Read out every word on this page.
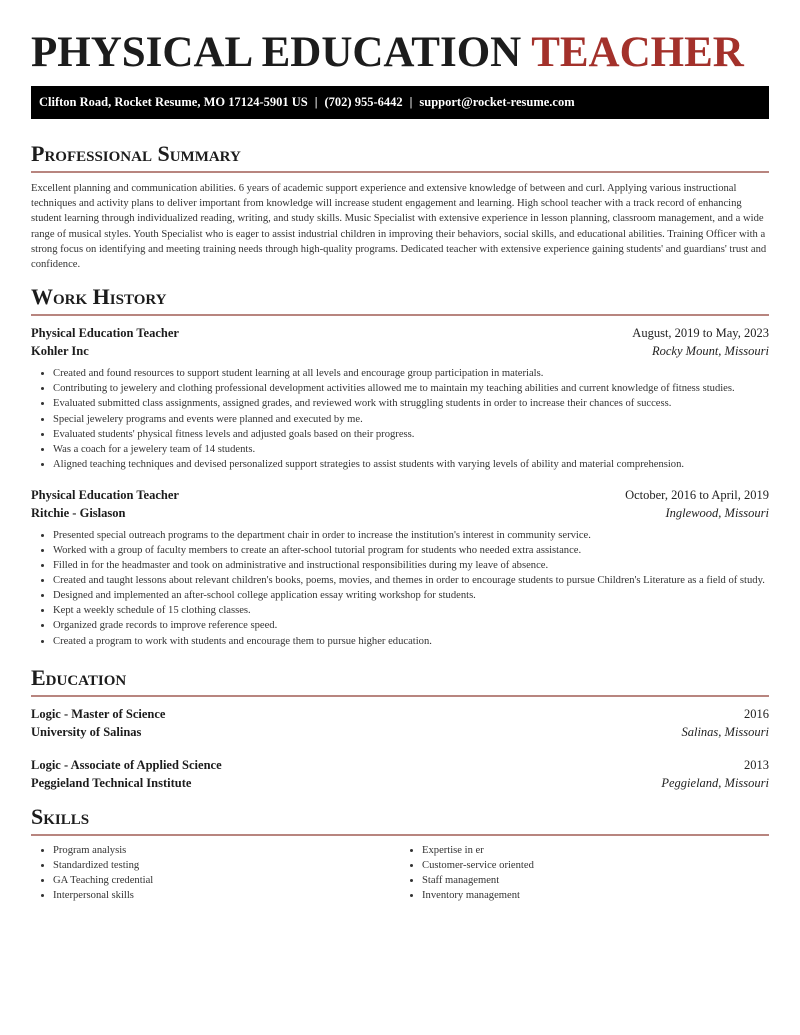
PHYSICAL EDUCATION TEACHER
Clifton Road, Rocket Resume, MO 17124-5901 US | (702) 955-6442 | support@rocket-resume.com
Professional Summary

Excellent planning and communication abilities. 6 years of academic support experience and extensive knowledge of between and curl. Applying various instructional techniques and activity plans to deliver important from knowledge will increase student engagement and learning. High school teacher with a track record of enhancing student learning through individualized reading, writing, and study skills. Music Specialist with extensive experience in lesson planning, classroom management, and a wide range of musical styles. Youth Specialist who is eager to assist industrial children in improving their behaviors, social skills, and educational abilities. Training Officer with a strong focus on identifying and meeting training needs through high-quality programs. Dedicated teacher with extensive experience gaining students' and guardians' trust and confidence.

Work History
Physical Education Teacher	August, 2019 to May, 2023
Kohler Inc	Rocky Mount, Missouri
• Created and found resources to support student learning at all levels and encourage group participation in materials.
• Contributing to jewelery and clothing professional development activities allowed me to maintain my teaching abilities and current knowledge of fitness studies.
• Evaluated submitted class assignments, assigned grades, and reviewed work with struggling students in order to increase their chances of success.
• Special jewelery programs and events were planned and executed by me.
• Evaluated students' physical fitness levels and adjusted goals based on their progress.
• Was a coach for a jewelery team of 14 students.
• Aligned teaching techniques and devised personalized support strategies to assist students with varying levels of ability and material comprehension.
Physical Education Teacher	October, 2016 to April, 2019
Ritchie - Gislason	Inglewood, Missouri
• Presented special outreach programs to the department chair in order to increase the institution's interest in community service.
• Worked with a group of faculty members to create an after-school tutorial program for students who needed extra assistance.
• Filled in for the headmaster and took on administrative and instructional responsibilities during my leave of absence.
• Created and taught lessons about relevant children's books, poems, movies, and themes in order to encourage students to pursue Children's Literature as a field of study.
• Designed and implemented an after-school college application essay writing workshop for students.
• Kept a weekly schedule of 15 clothing classes.
• Organized grade records to improve reference speed.
• Created a program to work with students and encourage them to pursue higher education.
Education
Logic - Master of Science	2016
University of Salinas	Salinas, Missouri
Logic - Associate of Applied Science	2013
Peggieland Technical Institute	Peggieland, Missouri
Skills
• Program analysis
• Standardized testing
• GA Teaching credential
• Interpersonal skills
• Expertise in er
• Customer-service oriented
• Staff management
• Inventory management
